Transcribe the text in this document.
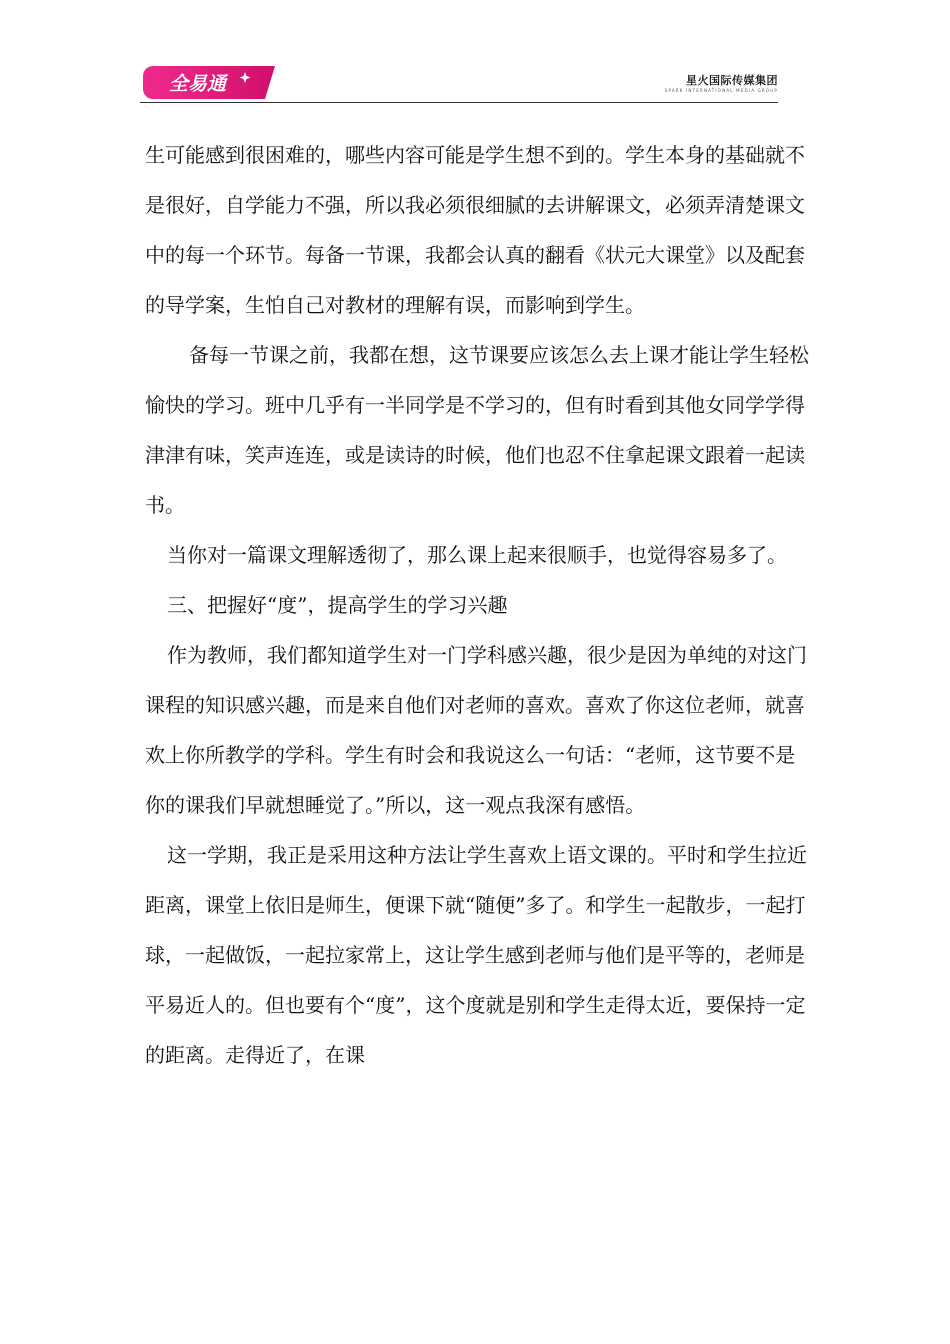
全易通	星火国际传媒集团
SPARK INTERNATIONAL MEDIA GROUP

生可能感到很困难的，哪些内容可能是学生想不到的。学生本身的基础就不是很好，自学能力不强，所以我必须很细腻的去讲解课文，必须弄清楚课文中的每一个环节。每备一节课，我都会认真的翻看《状元大课堂》以及配套的导学案，生怕自己对教材的理解有误，而影响到学生。

备每一节课之前，我都在想，这节课要应该怎么去上课才能让学生轻松愉快的学习。班中几乎有一半同学是不学习的，但有时看到其他女同学学得津津有味，笑声连连，或是读诗的时候，他们也忍不住拿起课文跟着一起读书。

当你对一篇课文理解透彻了，那么课上起来很顺手，也觉得容易多了。

三、把握好“度”，提高学生的学习兴趣

作为教师，我们都知道学生对一门学科感兴趣，很少是因为单纯的对这门课程的知识感兴趣，而是来自他们对老师的喜欢。喜欢了你这位老师，就喜欢上你所教学的学科。学生有时会和我说这么一句话：“老师，这节要不是你的课我们早就想睡觉了。”所以，这一观点我深有感悟。

这一学期，我正是采用这种方法让学生喜欢上语文课的。平时和学生拉近距离，课堂上依旧是师生，便课下就“随便”多了。和学生一起散步，一起打球，一起做饭，一起拉家常上，这让学生感到老师与他们是平等的，老师是平易近人的。但也要有个“度”，这个度就是别和学生走得太近，要保持一定的距离。走得近了，在课
